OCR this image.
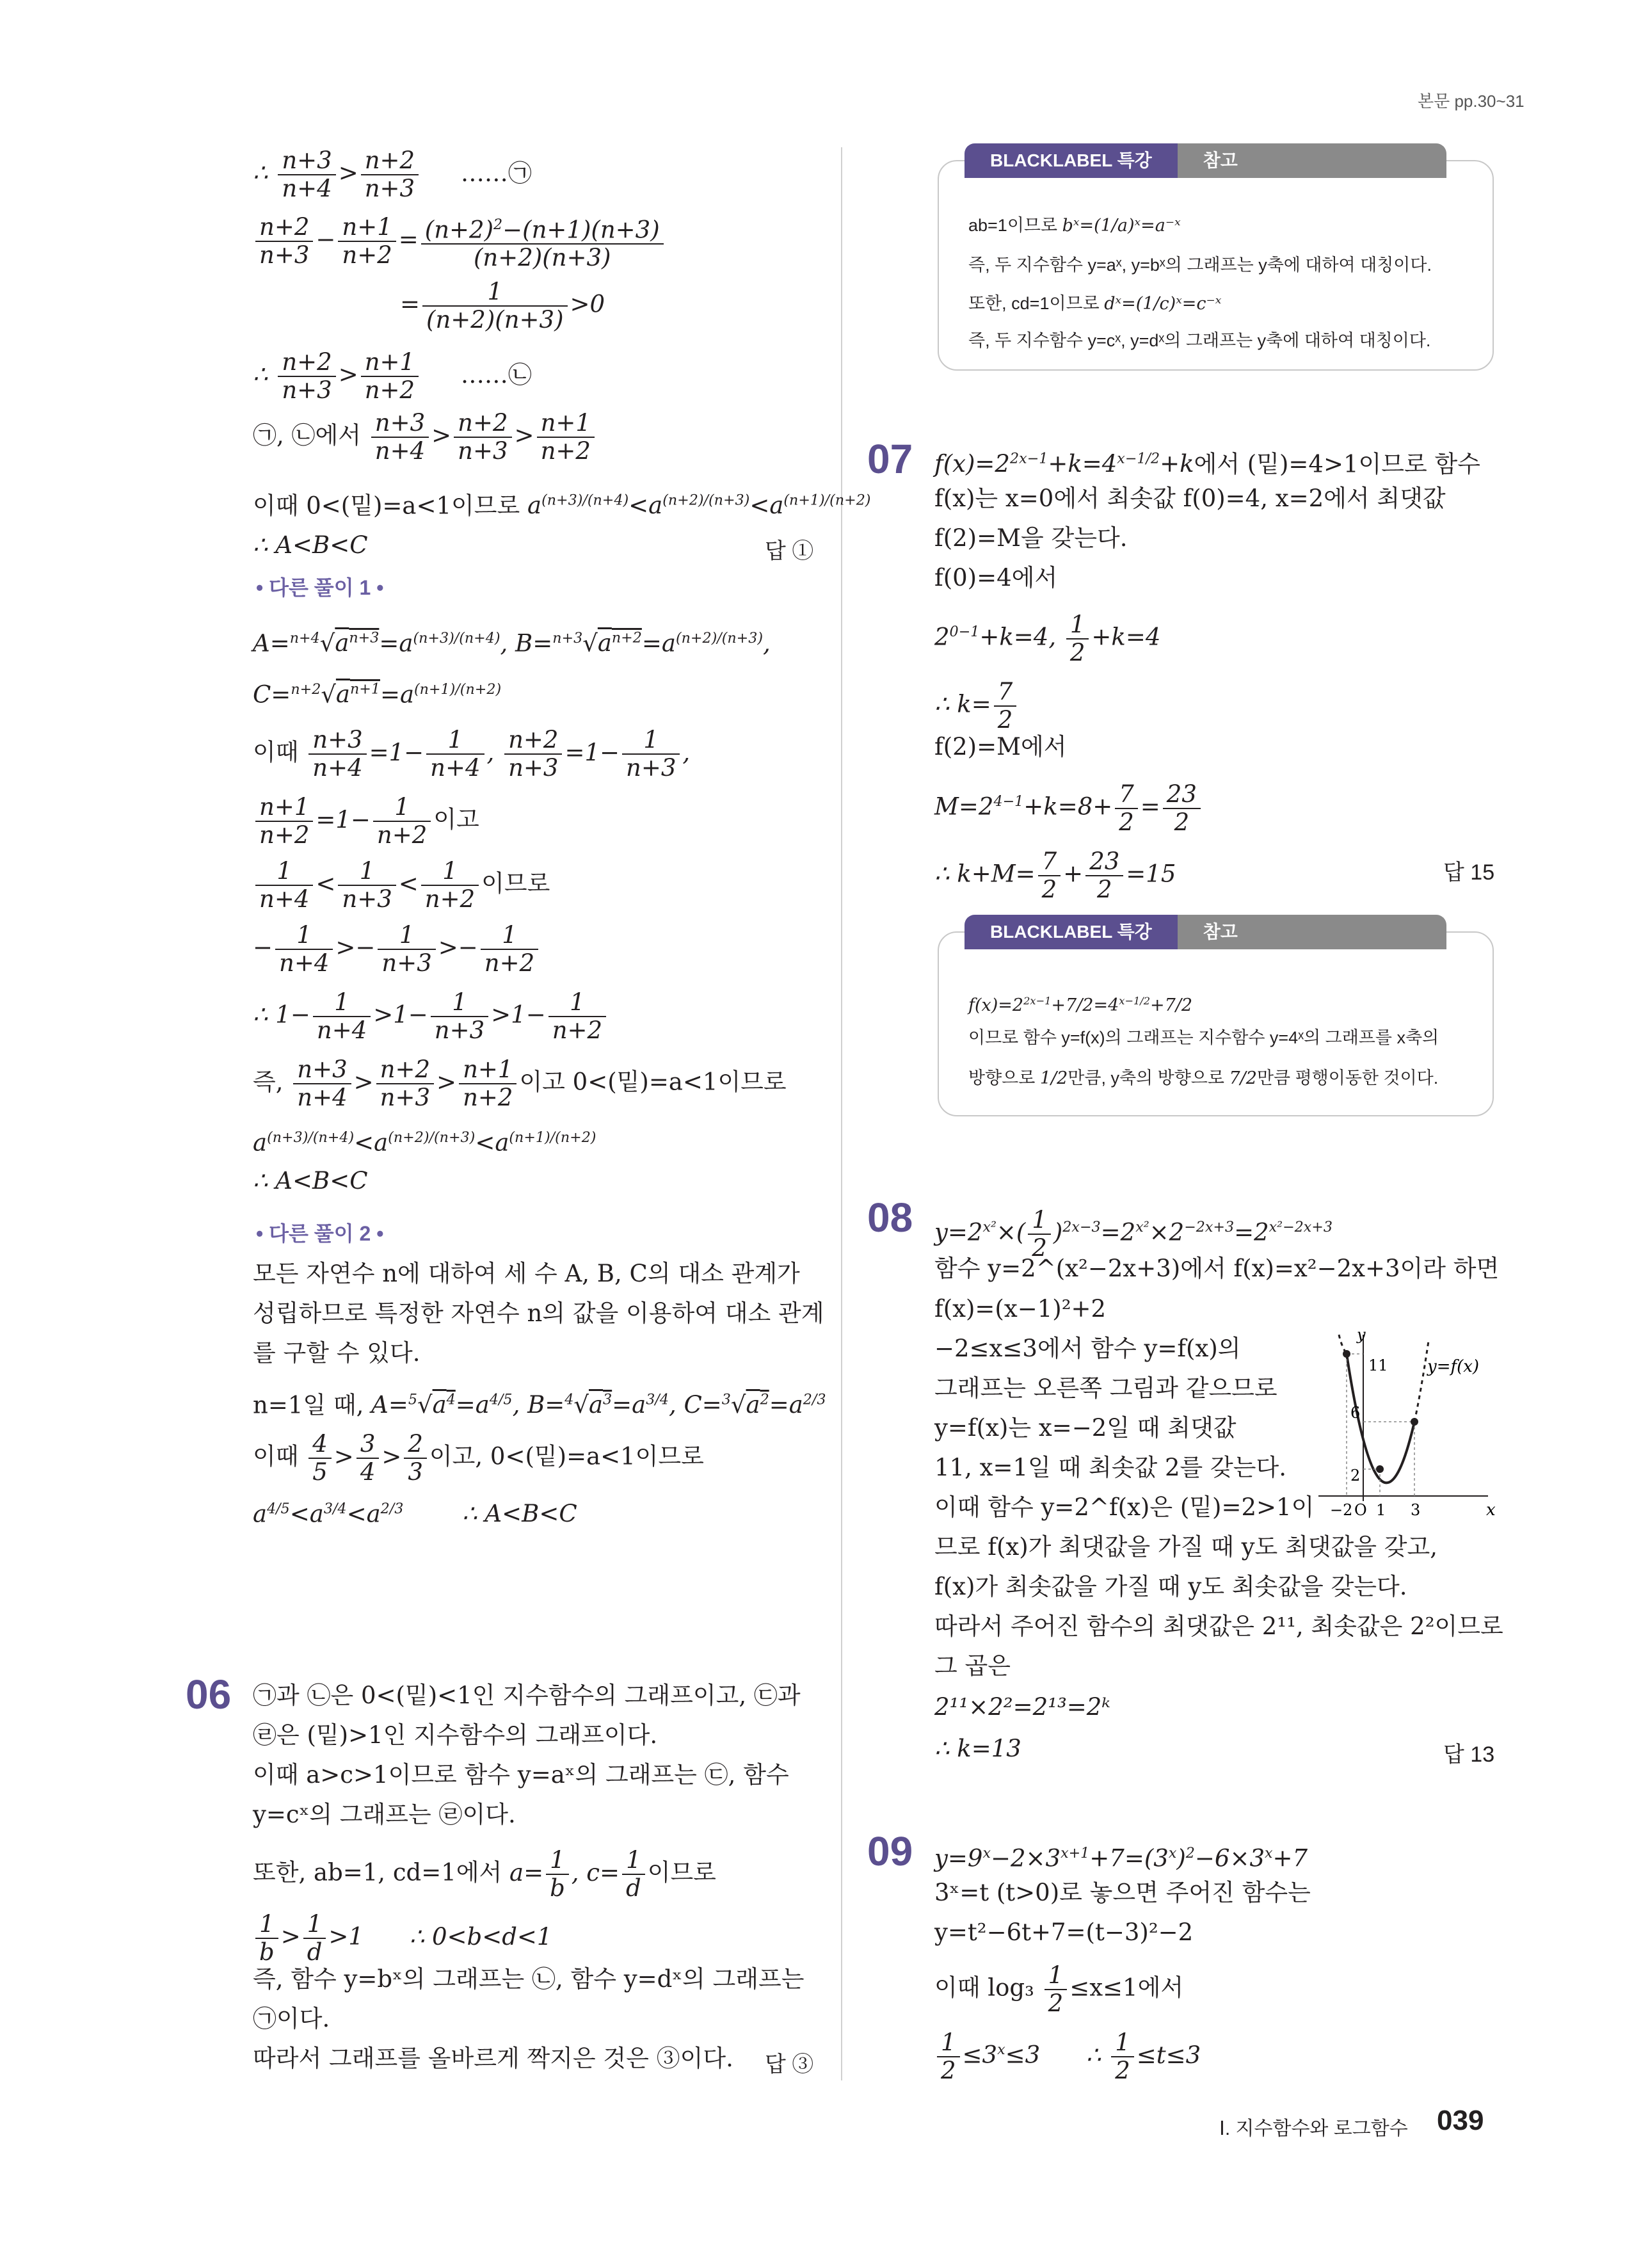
본문 pp.30~31
Ⅰ. 지수함수와 로그함수 039
∴ $\frac{n+3}{n+4} > \frac{n+2}{n+3}$ ……㉠
$\frac{n+2}{n+3} - \frac{n+1}{n+2} = \frac{(n+2)^2-(n+1)(n+3)}{(n+2)(n+3)}$
= $\frac{1}{(n+2)(n+3)} >0$
∴ $\frac{n+2}{n+3} > \frac{n+1}{n+2}$ ……㉡
㉠, ㉡에서 $\frac{n+3}{n+4} > \frac{n+2}{n+3} > \frac{n+1}{n+2}$
이때 0<(밑)=a<1이므로 $a^{(n+3)/(n+4)}<a^{(n+2)/(n+3)}<a^{(n+1)/(n+2)}$
∴ A<B<C	답 ①
• 다른 풀이 1 •
$A=^{n+4}√a^{n+3}=a^{(n+3)/(n+4)}$, $B=^{n+3}√a^{n+2}=a^{(n+2)/(n+3)}$,
$C=^{n+2}√a^{n+1}=a^{(n+1)/(n+2)}$
이때 $\frac{n+3}{n+4} =1- \frac{1}{n+4}$ , $\frac{n+2}{n+3} =1- \frac{1}{n+3}$ ,
$\frac{n+1}{n+2} =1- \frac{1}{n+2}$ 이고
$\frac{1}{n+4} < \frac{1}{n+3} < \frac{1}{n+2}$ 이므로
− $\frac{1}{n+4} >- \frac{1}{n+3} >- \frac{1}{n+2}$
∴ $1- \frac{1}{n+4} >1- \frac{1}{n+3} >1- \frac{1}{n+2}$
즉, $\frac{n+3}{n+4} > \frac{n+2}{n+3} > \frac{n+1}{n+2}$ 이고 0<(밑)=a<1이므로
$a^{(n+3)/(n+4)}<a^{(n+2)/(n+3)}<a^{(n+1)/(n+2)}$
∴ A<B<C
• 다른 풀이 2 •
모든 자연수 n에 대하여 세 수 A, B, C의 대소 관계가
성립하므로 특정한 자연수 n의 값을 이용하여 대소 관계
를 구할 수 있다.
n=1일 때, $A=^5√a^4=a^{4/5}$, $B=^4√a^3=a^{3/4}$, $C=^3√a^2=a^{2/3}$
이때 $\frac{4}{5} > \frac{3}{4} > \frac{2}{3}$ 이고, 0<(밑)=a<1이므로
$a^{4/5}<a^{3/4}<a^{2/3}$ ∴ A<B<C
06 ㉠과 ㉡은 0<(밑)<1인 지수함수의 그래프이고, ㉢과
㉣은 (밑)>1인 지수함수의 그래프이다.
이때 a>c>1이므로 함수 y=aˣ의 그래프는 ㉢, 함수
y=cˣ의 그래프는 ㉣이다.
또한, ab=1, cd=1에서 $a= \frac{1}{b}$ , $c= \frac{1}{d}$ 이므로
$\frac{1}{b} > \frac{1}{d} >1$ ∴ 0<b<d<1
즉, 함수 y=bˣ의 그래프는 ㉡, 함수 y=dˣ의 그래프는
㉠이다.
따라서 그래프를 올바르게 짝지은 것은 ③이다. 답 ③
BLACKLABEL 특강	참고
ab=1이므로 bˣ=(1/a)ˣ=a⁻ˣ
즉, 두 지수함수 y=aˣ, y=bˣ의 그래프는 y축에 대하여 대칭이다.
또한, cd=1이므로 dˣ=(1/c)ˣ=c⁻ˣ
즉, 두 지수함수 y=cˣ, y=dˣ의 그래프는 y축에 대하여 대칭이다.
07 $f(x)=2^{2x-1}+k=4^{x-1/2}+k$에서 (밑)=4>1이므로 함수
f(x)는 x=0에서 최솟값 f(0)=4, x=2에서 최댓값
f(2)=M을 갖는다.
f(0)=4에서
$2^{0-1}+k=4$, $\frac{1}{2} +k=4$
∴ $k= \frac{7}{2}$
f(2)=M에서
$M=2^{4-1}+k=8+ \frac{7}{2} = \frac{23}{2}$
∴ $k+M= \frac{7}{2} + \frac{23}{2} =15$	답 15
BLACKLABEL 특강	참고
$f(x)=2^{2x-1}+7/2=4^{x-1/2}+7/2$
이므로 함수 y=f(x)의 그래프는 지수함수 y=4ˣ의 그래프를 x축의
방향으로 1/2만큼, y축의 방향으로 7/2만큼 평행이동한 것이다.
08 $y=2^{x^2}\times( \frac{1}{2} )^{2x-3}=2^{x^2}\times 2^{-2x+3}=2^{x^2-2x+3}$
함수 y=2^(x²−2x+3)에서 f(x)=x²−2x+3이라 하면
f(x)=(x−1)²+2
−2≤x≤3에서 함수 y=f(x)의
그래프는 오른쪽 그림과 같으므로
y=f(x)는 x=−2일 때 최댓값
11, x=1일 때 최솟값 2를 갖는다.
이때 함수 y=2^f(x)은 (밑)=2>1이
므로 f(x)가 최댓값을 가질 때 y도 최댓값을 갖고,
f(x)가 최솟값을 가질 때 y도 최솟값을 갖는다.
따라서 주어진 함수의 최댓값은 2¹¹, 최솟값은 2²이므로
그 곱은
2¹¹×2²=2¹³=2ᵏ
∴ k=13	답 13
y
x
y=f(x)
11
6
2
−2 O 1 3
09 $y=9^x-2\times 3^{x+1}+7=(3^x)^2-6\times 3^x+7$
3ˣ=t (t>0)로 놓으면 주어진 함수는
y=t²−6t+7=(t−3)²−2
이때 $\log_3 \frac{1}{2} \le x\le 1$에서
$\frac{1}{2} \le 3^x\le 3$ ∴ $\frac{1}{2} \le t\le 3$
